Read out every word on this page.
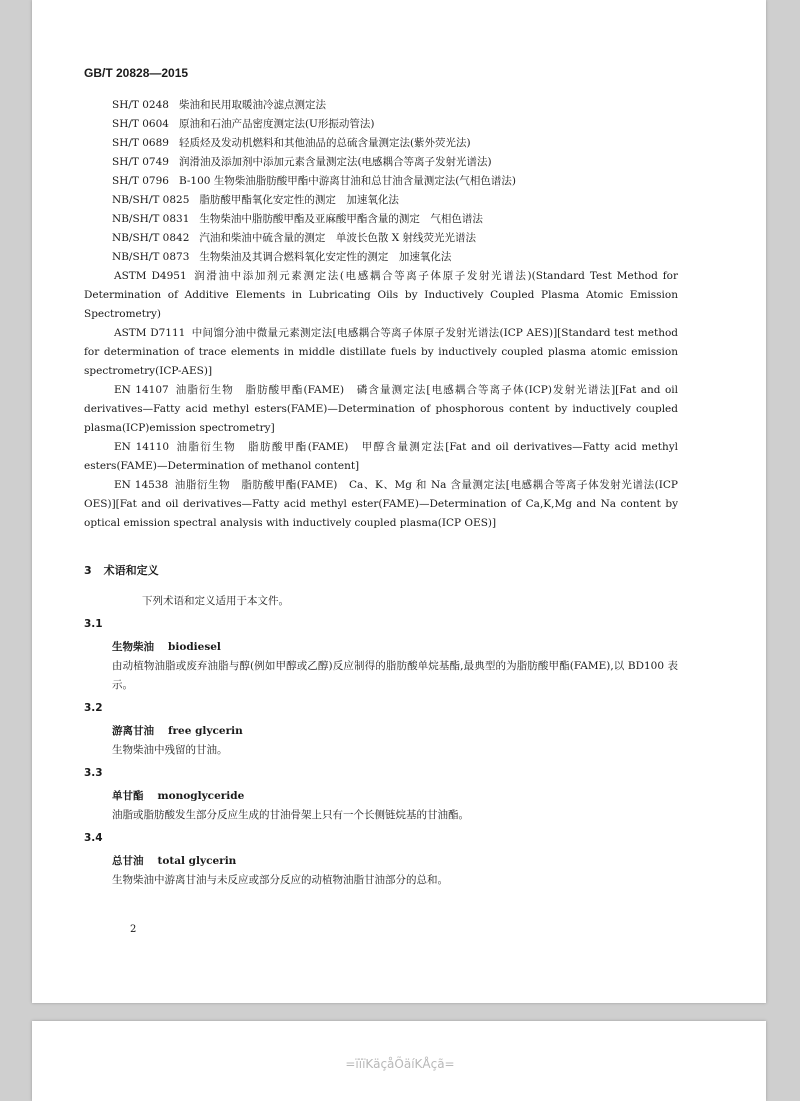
GB/T 20828—2015
SH/T 0248 柴油和民用取暖油冷滤点测定法
SH/T 0604 原油和石油产品密度测定法(U形振动管法)
SH/T 0689 轻质烃及发动机燃料和其他油品的总硫含量测定法(紫外荧光法)
SH/T 0749 润滑油及添加剂中添加元素含量测定法(电感耦合等离子发射光谱法)
SH/T 0796 B-100 生物柴油脂肪酸甲酯中游离甘油和总甘油含量测定法(气相色谱法)
NB/SH/T 0825 脂肪酸甲酯氧化安定性的测定　加速氧化法
NB/SH/T 0831 生物柴油中脂肪酸甲酯及亚麻酸甲酯含量的测定　气相色谱法
NB/SH/T 0842 汽油和柴油中硫含量的测定　单波长色散 X 射线荧光光谱法
NB/SH/T 0873 生物柴油及其调合燃料氧化安定性的测定　加速氧化法
ASTM D4951 润滑油中添加剂元素测定法(电感耦合等离子体原子发射光谱法)(Standard Test Method for Determination of Additive Elements in Lubricating Oils by Inductively Coupled Plasma Atomic Emission Spectrometry)
ASTM D7111 中间馏分油中微量元素测定法[电感耦合等离子体原子发射光谱法(ICP AES)][Standard test method for determination of trace elements in middle distillate fuels by inductively coupled plasma atomic emission spectrometry(ICP-AES)]
EN 14107 油脂衍生物　脂肪酸甲酯(FAME)　磷含量测定法[电感耦合等离子体(ICP)发射光谱法][Fat and oil derivatives—Fatty acid methyl esters(FAME)—Determination of phosphorous content by inductively coupled plasma(ICP)emission spectrometry]
EN 14110 油脂衍生物　脂肪酸甲酯(FAME)　甲醇含量测定法[Fat and oil derivatives—Fatty acid methyl esters(FAME)—Determination of methanol content]
EN 14538 油脂衍生物　脂肪酸甲酯(FAME)　Ca、K、Mg 和 Na 含量测定法[电感耦合等离子体发射光谱法(ICP OES)][Fat and oil derivatives—Fatty acid methyl ester(FAME)—Determination of Ca,K,Mg and Na content by optical emission spectral analysis with inductively coupled plasma(ICP OES)]
3 术语和定义
下列术语和定义适用于本文件。
3.1
生物柴油 biodiesel
由动植物油脂或废弃油脂与醇(例如甲醇或乙醇)反应制得的脂肪酸单烷基酯,最典型的为脂肪酸甲酯(FAME),以 BD100 表示。
3.2
游离甘油 free glycerin
生物柴油中残留的甘油。
3.3
单甘酯 monoglyceride
油脂或脂肪酸发生部分反应生成的甘油骨架上只有一个长侧链烷基的甘油酯。
3.4
总甘油 total glycerin
生物柴油中游离甘油与未反应或部分反应的动植物油脂甘油部分的总和。
2
=ïïïKäçåÕäíKÅçã=
